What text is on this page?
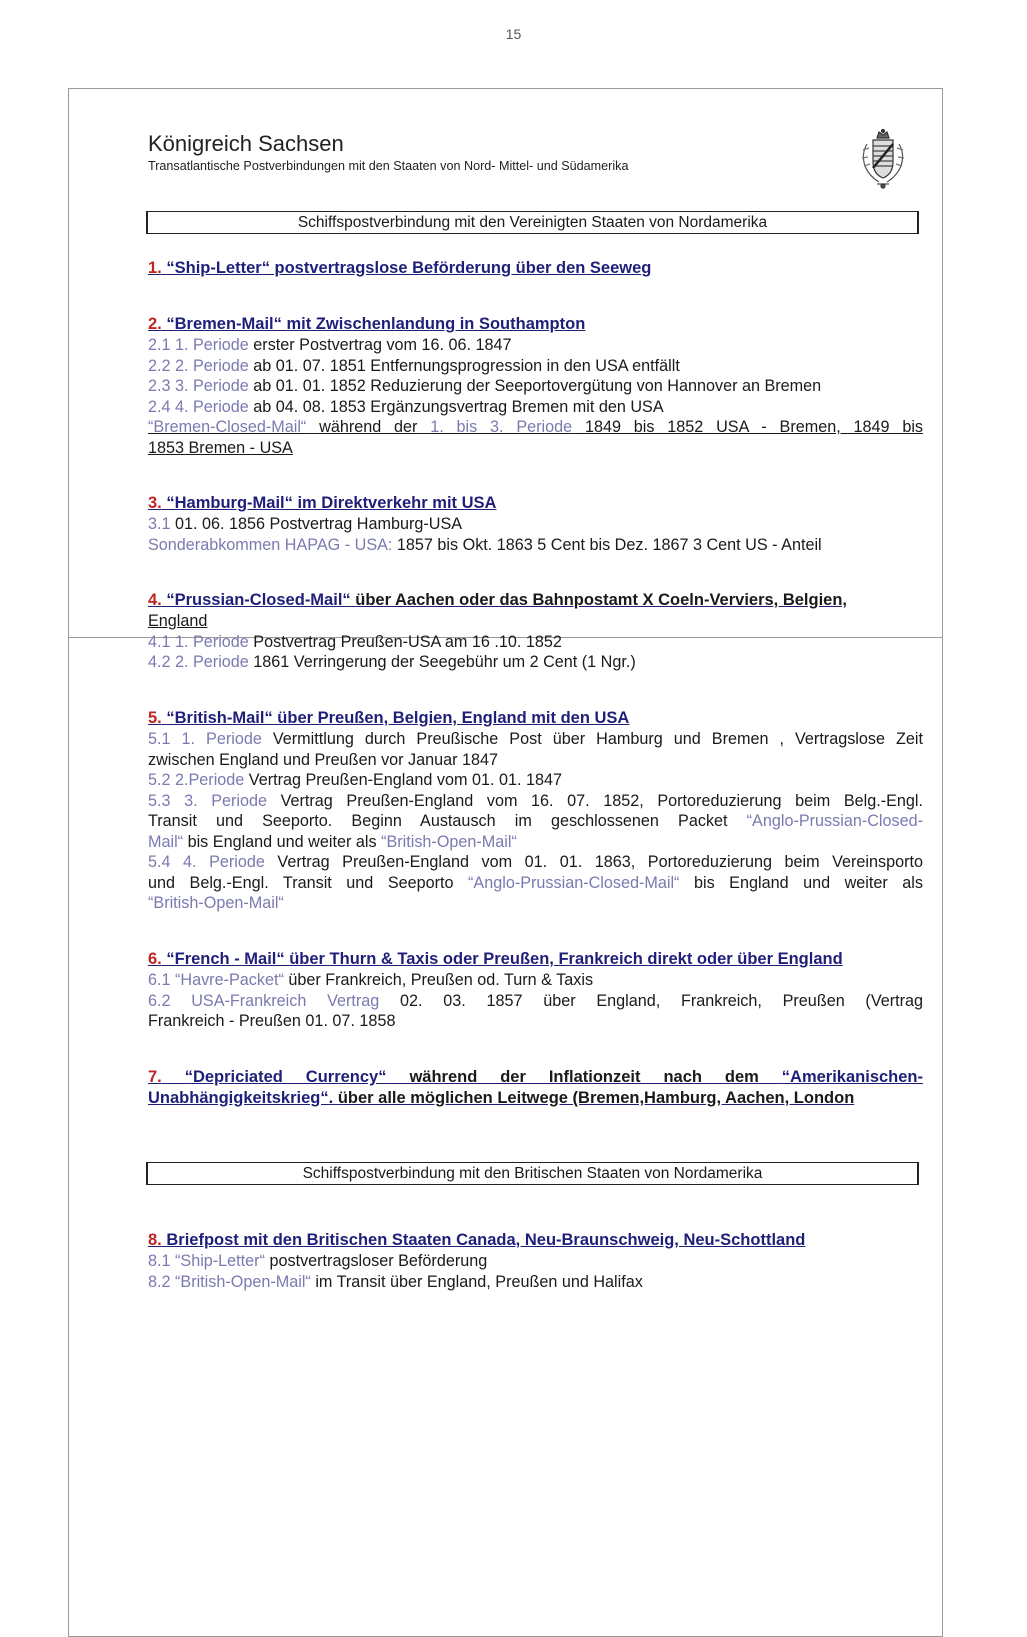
15
Königreich Sachsen
Transatlantische Postverbindungen mit den Staaten von Nord- Mittel- und Südamerika
Schiffspostverbindung mit den Vereinigten Staaten von Nordamerika
1. “Ship-Letter“ postvertragslose Beförderung über den Seeweg
2. “Bremen-Mail“ mit Zwischenlandung in Southampton
2.1 1. Periode erster Postvertrag vom 16. 06. 1847
2.2 2. Periode ab 01. 07. 1851 Entfernungsprogression in den USA entfällt
2.3 3. Periode ab 01. 01. 1852 Reduzierung der Seeportovergütung von Hannover an Bremen
2.4 4. Periode ab 04. 08. 1853 Ergänzungsvertrag Bremen mit den USA
“Bremen-Closed-Mail“ während der 1. bis 3. Periode 1849 bis 1852 USA - Bremen, 1849 bis
1853 Bremen - USA
3. “Hamburg-Mail“ im Direktverkehr mit USA
3.1 01. 06. 1856 Postvertrag Hamburg-USA
Sonderabkommen HAPAG - USA: 1857 bis Okt. 1863 5 Cent bis Dez. 1867 3 Cent US - Anteil
4. “Prussian-Closed-Mail“ über Aachen oder das Bahnpostamt X Coeln-Verviers, Belgien,
England
4.1 1. Periode Postvertrag Preußen-USA am 16 .10. 1852
4.2 2. Periode 1861 Verringerung der Seegebühr um 2 Cent (1 Ngr.)
5. “British-Mail“ über Preußen, Belgien, England mit den USA
5.1 1. Periode Vermittlung durch Preußische Post über Hamburg und Bremen , Vertragslose Zeit
zwischen England und Preußen vor Januar 1847
5.2 2.Periode Vertrag Preußen-England vom 01. 01. 1847
5.3 3. Periode Vertrag Preußen-England vom 16. 07. 1852, Portoreduzierung beim Belg.-Engl.
Transit und Seeporto. Beginn Austausch im geschlossenen Packet “Anglo-Prussian-Closed-
Mail“ bis England und weiter als “British-Open-Mail“
5.4 4. Periode Vertrag Preußen-England vom 01. 01. 1863, Portoreduzierung beim Vereinsporto
und Belg.-Engl. Transit und Seeporto “Anglo-Prussian-Closed-Mail“ bis England und weiter als
“British-Open-Mail“
6. “French - Mail“ über Thurn & Taxis oder Preußen, Frankreich direkt oder über England
6.1 “Havre-Packet“ über Frankreich, Preußen od. Turn & Taxis
6.2 USA-Frankreich Vertrag 02. 03. 1857 über England, Frankreich, Preußen (Vertrag
Frankreich - Preußen 01. 07. 1858
7. “Depriciated Currency“ während der Inflationzeit nach dem “Amerikanischen-
Unabhängigkeitskrieg“. über alle möglichen Leitwege (Bremen,Hamburg, Aachen, London
Schiffspostverbindung mit den Britischen Staaten von Nordamerika
8. Briefpost mit den Britischen Staaten Canada, Neu-Braunschweig, Neu-Schottland
8.1 “Ship-Letter“ postvertragsloser Beförderung
8.2 “British-Open-Mail“ im Transit über England, Preußen und Halifax
